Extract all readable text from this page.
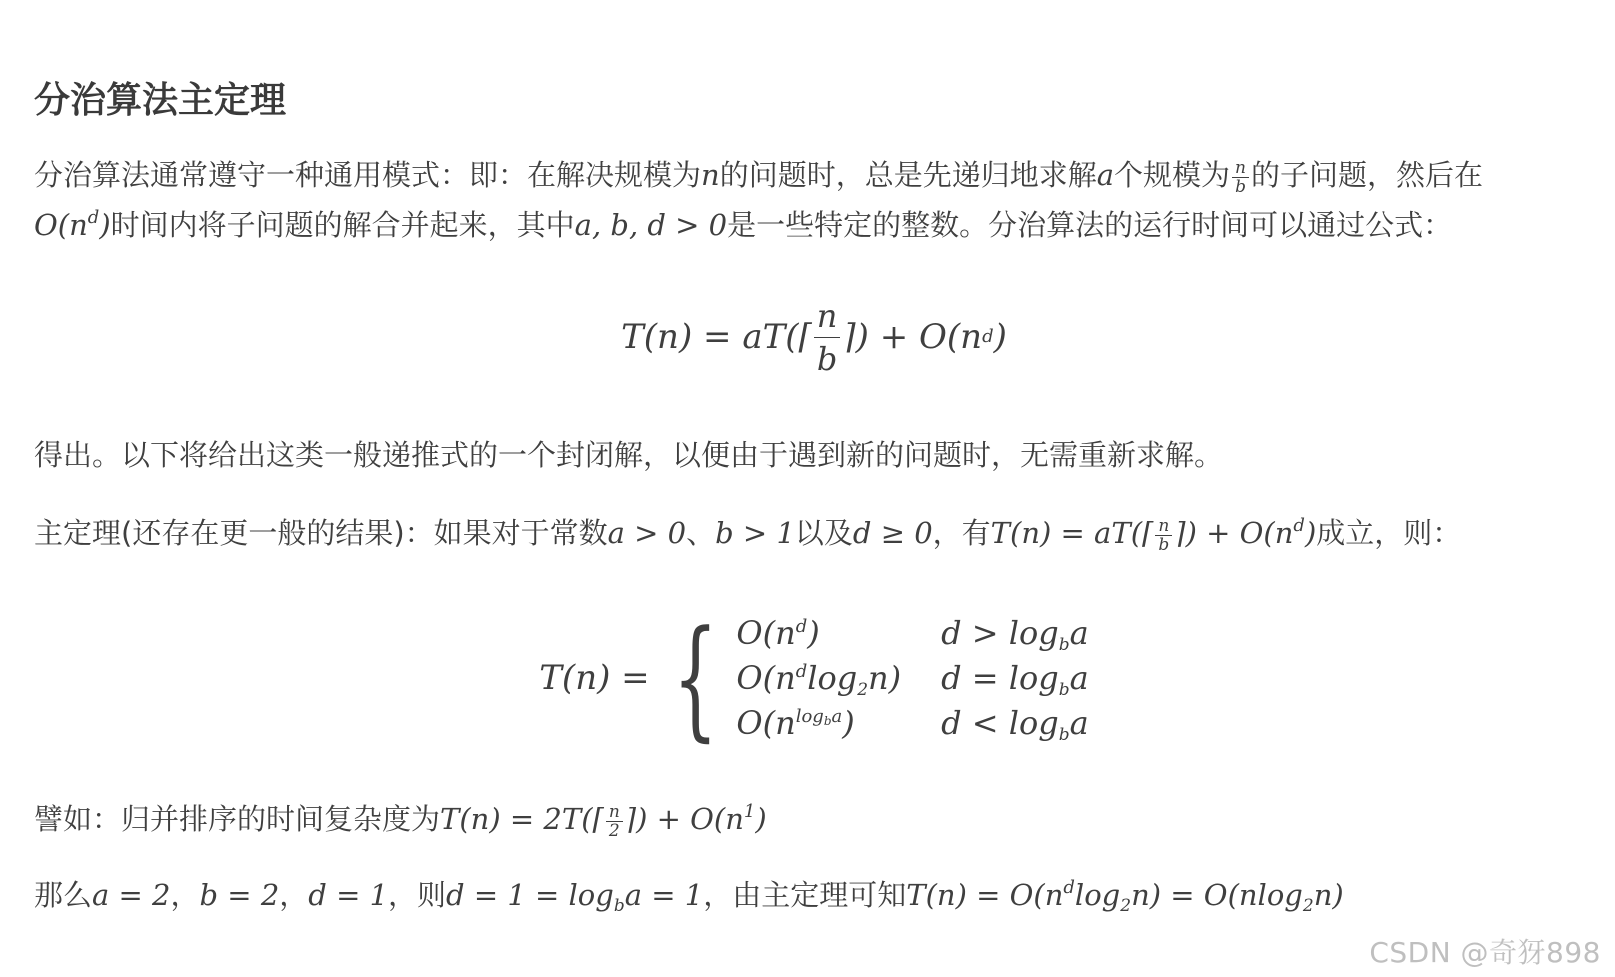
分治算法主定理

分治算法通常遵守一种通用模式：即：在解决规模为n的问题时，总是先递归地求解a个规模为 $\frac{n}{b}$ 的子问题，然后在
$O(n^d)$时间内将子问题的解合并起来，其中a, b, d > 0是一些特定的整数。分治算法的运行时间可以通过公式：

T(n) = aT(⌈ $\frac{n}{b}$ ⌉) + O(n d )

得出。以下将给出这类一般递推式的一个封闭解，以便由于遇到新的问题时，无需重新求解。

主定理(还存在更一般的结果)：如果对于常数a > 0、b > 1以及d ≥ 0，有T(n) = aT(⌈ $\frac{n}{b}$ ⌉) + $O(n^d)$成立，则：

T(n) = { $O(n^d)$	$d > \log_ba$
$O(n^d\log_2n) d = \log_ba$
$O(n^{log_ba})$	$d < \log_ba$

譬如：归并排序的时间复杂度为T(n) = 2T(⌈ $\frac{n}{2}$ ⌉) + $O(n^1)$

那么a = 2，b = 2，d = 1，则$d = 1 = \log_ba = 1$，由主定理可知$T(n) = O(n^d\log_2n) = O(nlog_2n)$

CSDN @奇犽898
